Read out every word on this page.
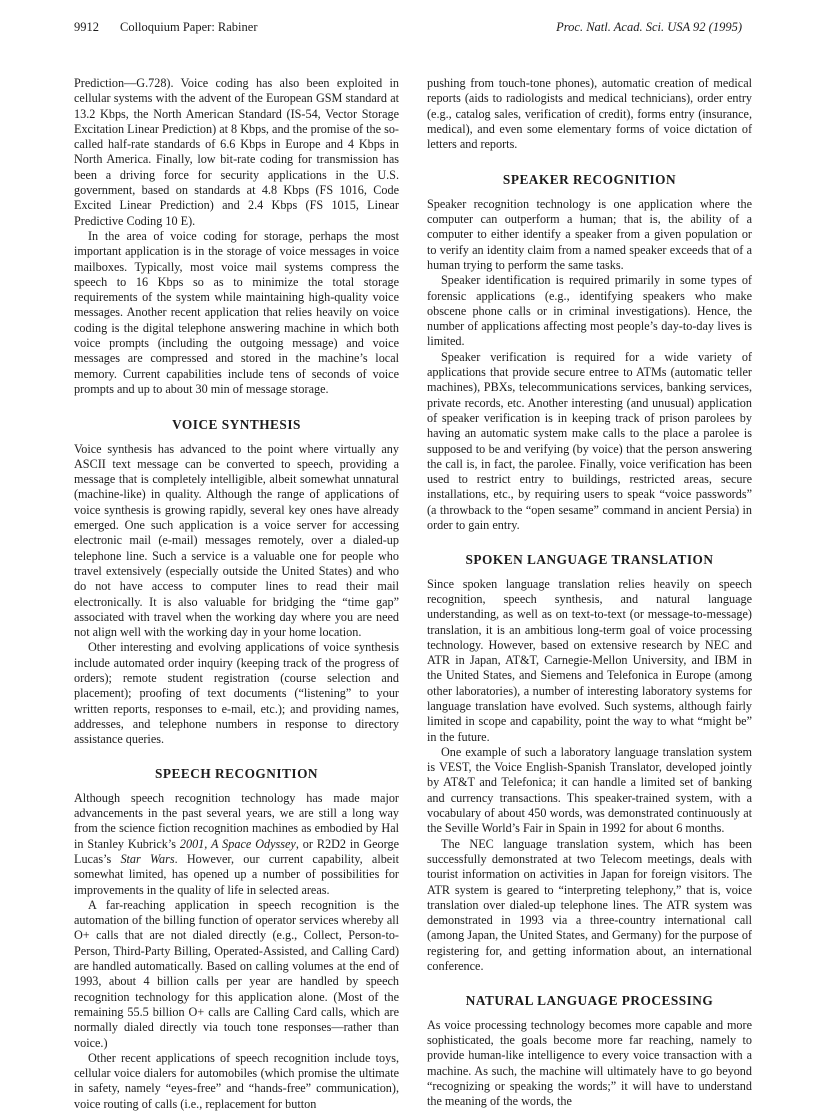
9912 Colloquium Paper: Rabiner	Proc. Natl. Acad. Sci. USA 92 (1995)

Prediction—G.728). Voice coding has also been exploited in cellular systems with the advent of the European GSM standard at 13.2 Kbps, the North American Standard (IS-54, Vector Storage Excitation Linear Prediction) at 8 Kbps, and the promise of the so-called half-rate standards of 6.6 Kbps in Europe and 4 Kbps in North America. Finally, low bit-rate coding for transmission has been a driving force for security applications in the U.S. government, based on standards at 4.8 Kbps (FS 1016, Code Excited Linear Prediction) and 2.4 Kbps (FS 1015, Linear Predictive Coding 10 E).

In the area of voice coding for storage, perhaps the most important application is in the storage of voice messages in voice mailboxes. Typically, most voice mail systems compress the speech to 16 Kbps so as to minimize the total storage requirements of the system while maintaining high-quality voice messages. Another recent application that relies heavily on voice coding is the digital telephone answering machine in which both voice prompts (including the outgoing message) and voice messages are compressed and stored in the machine’s local memory. Current capabilities include tens of seconds of voice prompts and up to about 30 min of message storage.

VOICE SYNTHESIS

Voice synthesis has advanced to the point where virtually any ASCII text message can be converted to speech, providing a message that is completely intelligible, albeit somewhat unnatural (machine-like) in quality. Although the range of applications of voice synthesis is growing rapidly, several key ones have already emerged. One such application is a voice server for accessing electronic mail (e-mail) messages remotely, over a dialed-up telephone line. Such a service is a valuable one for people who travel extensively (especially outside the United States) and who do not have access to computer lines to read their mail electronically. It is also valuable for bridging the “time gap” associated with travel when the working day where you are need not align well with the working day in your home location.

Other interesting and evolving applications of voice synthesis include automated order inquiry (keeping track of the progress of orders); remote student registration (course selection and placement); proofing of text documents (“listening” to your written reports, responses to e-mail, etc.); and providing names, addresses, and telephone numbers in response to directory assistance queries.

SPEECH RECOGNITION

Although speech recognition technology has made major advancements in the past several years, we are still a long way from the science fiction recognition machines as embodied by Hal in Stanley Kubrick’s 2001, A Space Odyssey, or R2D2 in George Lucas’s Star Wars. However, our current capability, albeit somewhat limited, has opened up a number of possibilities for improvements in the quality of life in selected areas.

A far-reaching application in speech recognition is the automation of the billing function of operator services whereby all O+ calls that are not dialed directly (e.g., Collect, Person-to-Person, Third-Party Billing, Operated-Assisted, and Calling Card) are handled automatically. Based on calling volumes at the end of 1993, about 4 billion calls per year are handled by speech recognition technology for this application alone. (Most of the remaining 55.5 billion O+ calls are Calling Card calls, which are normally dialed directly via touch tone responses—rather than voice.)

Other recent applications of speech recognition include toys, cellular voice dialers for automobiles (which promise the ultimate in safety, namely “eyes-free” and “hands-free” communication), voice routing of calls (i.e., replacement for button

pushing from touch-tone phones), automatic creation of medical reports (aids to radiologists and medical technicians), order entry (e.g., catalog sales, verification of credit), forms entry (insurance, medical), and even some elementary forms of voice dictation of letters and reports.

SPEAKER RECOGNITION

Speaker recognition technology is one application where the computer can outperform a human; that is, the ability of a computer to either identify a speaker from a given population or to verify an identity claim from a named speaker exceeds that of a human trying to perform the same tasks.

Speaker identification is required primarily in some types of forensic applications (e.g., identifying speakers who make obscene phone calls or in criminal investigations). Hence, the number of applications affecting most people’s day-to-day lives is limited.

Speaker verification is required for a wide variety of applications that provide secure entree to ATMs (automatic teller machines), PBXs, telecommunications services, banking services, private records, etc. Another interesting (and unusual) application of speaker verification is in keeping track of prison parolees by having an automatic system make calls to the place a parolee is supposed to be and verifying (by voice) that the person answering the call is, in fact, the parolee. Finally, voice verification has been used to restrict entry to buildings, restricted areas, secure installations, etc., by requiring users to speak “voice passwords” (a throwback to the “open sesame” command in ancient Persia) in order to gain entry.

SPOKEN LANGUAGE TRANSLATION

Since spoken language translation relies heavily on speech recognition, speech synthesis, and natural language understanding, as well as on text-to-text (or message-to-message) translation, it is an ambitious long-term goal of voice processing technology. However, based on extensive research by NEC and ATR in Japan, AT&T, Carnegie-Mellon University, and IBM in the United States, and Siemens and Telefonica in Europe (among other laboratories), a number of interesting laboratory systems for language translation have evolved. Such systems, although fairly limited in scope and capability, point the way to what “might be” in the future.

One example of such a laboratory language translation system is VEST, the Voice English-Spanish Translator, developed jointly by AT&T and Telefonica; it can handle a limited set of banking and currency transactions. This speaker-trained system, with a vocabulary of about 450 words, was demonstrated continuously at the Seville World’s Fair in Spain in 1992 for about 6 months.

The NEC language translation system, which has been successfully demonstrated at two Telecom meetings, deals with tourist information on activities in Japan for foreign visitors. The ATR system is geared to “interpreting telephony,” that is, voice translation over dialed-up telephone lines. The ATR system was demonstrated in 1993 via a three-country international call (among Japan, the United States, and Germany) for the purpose of registering for, and getting information about, an international conference.

NATURAL LANGUAGE PROCESSING

As voice processing technology becomes more capable and more sophisticated, the goals become more far reaching, namely to provide human-like intelligence to every voice transaction with a machine. As such, the machine will ultimately have to go beyond “recognizing or speaking the words;” it will have to understand the meaning of the words, the
